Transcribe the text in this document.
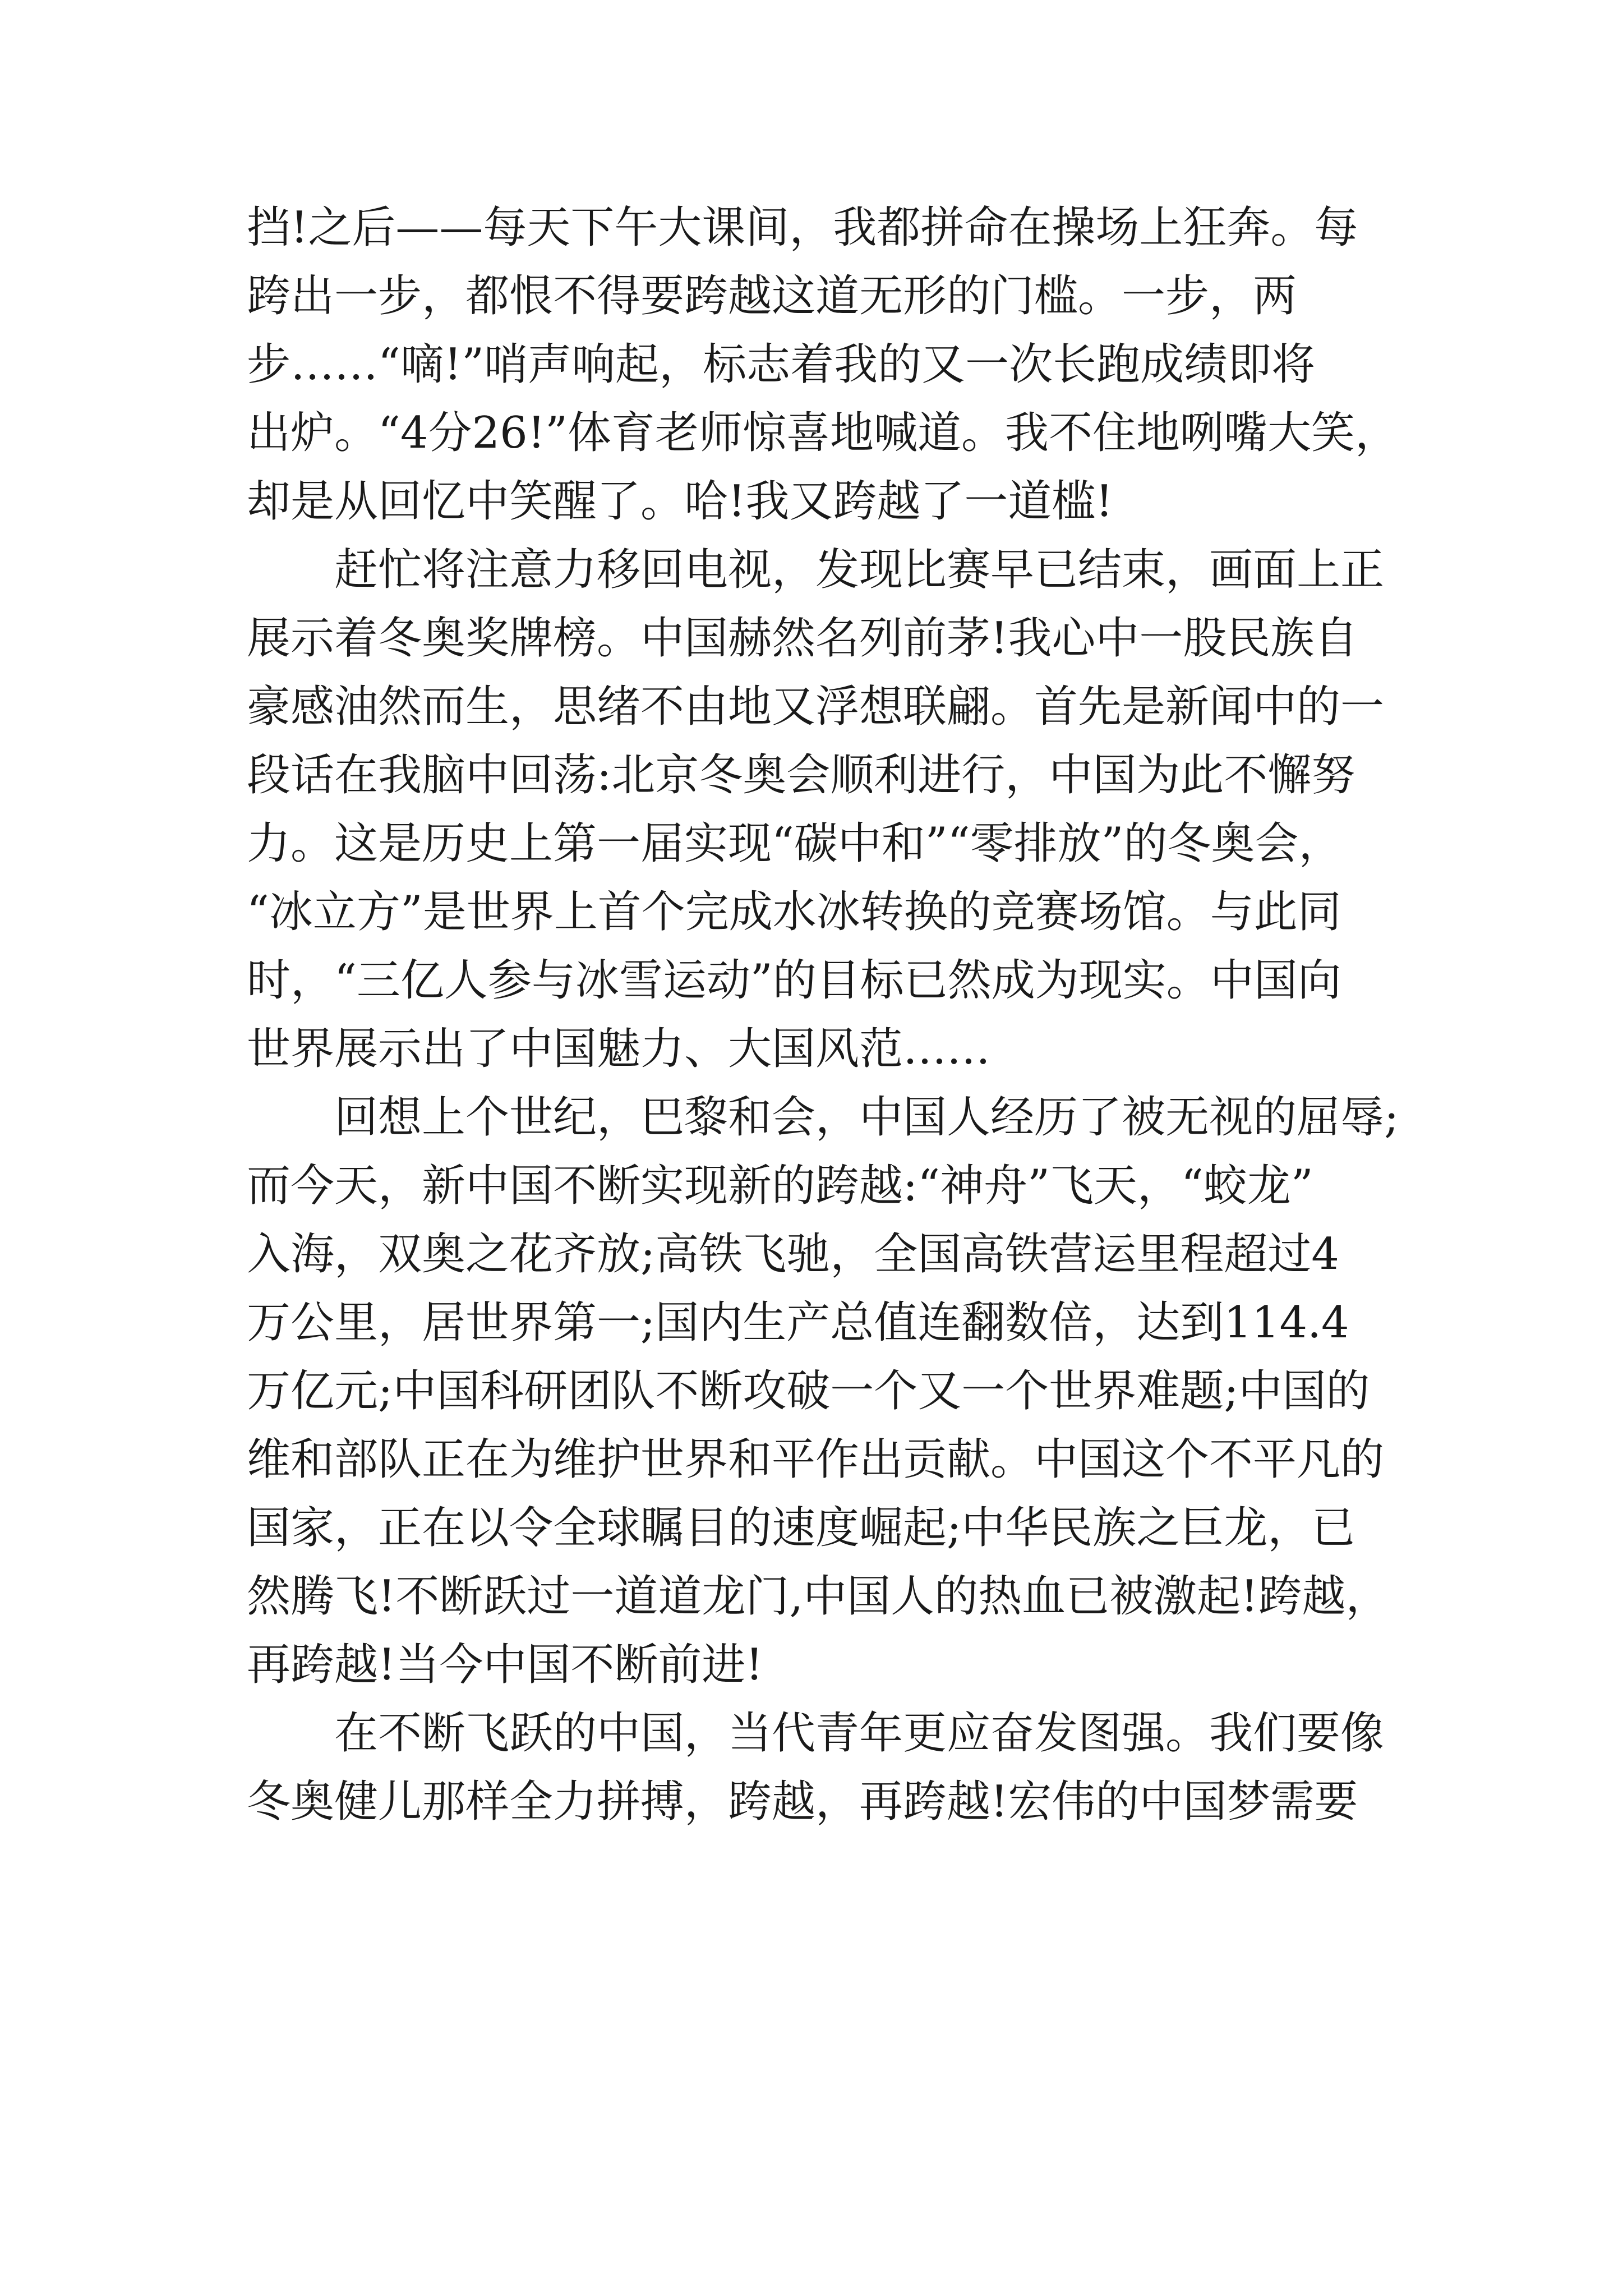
挡!之后——每天下午大课间，我都拼命在操场上狂奔。每
跨出一步，都恨不得要跨越这道无形的门槛。一步，两
步……“嘀!”哨声响起，标志着我的又一次长跑成绩即将
出炉。“4分26!”体育老师惊喜地喊道。我不住地咧嘴大笑，
却是从回忆中笑醒了。哈!我又跨越了一道槛!

赶忙将注意力移回电视，发现比赛早已结束，画面上正
展示着冬奥奖牌榜。中国赫然名列前茅!我心中一股民族自
豪感油然而生，思绪不由地又浮想联翩。首先是新闻中的一
段话在我脑中回荡:北京冬奥会顺利进行，中国为此不懈努
力。这是历史上第一届实现“碳中和”“零排放”的冬奥会，
“冰立方”是世界上首个完成水冰转换的竞赛场馆。与此同
时，“三亿人参与冰雪运动”的目标已然成为现实。中国向
世界展示出了中国魅力、大国风范……

回想上个世纪，巴黎和会，中国人经历了被无视的屈辱;
而今天，新中国不断实现新的跨越:“神舟”飞天，“蛟龙”
入海，双奥之花齐放;高铁飞驰，全国高铁营运里程超过4
万公里，居世界第一;国内生产总值连翻数倍，达到114.4
万亿元;中国科研团队不断攻破一个又一个世界难题;中国的
维和部队正在为维护世界和平作出贡献。中国这个不平凡的
国家，正在以令全球瞩目的速度崛起;中华民族之巨龙，已
然腾飞!不断跃过一道道龙门,中国人的热血已被激起!跨越，
再跨越!当今中国不断前进!

在不断飞跃的中国，当代青年更应奋发图强。我们要像
冬奥健儿那样全力拼搏，跨越，再跨越!宏伟的中国梦需要
